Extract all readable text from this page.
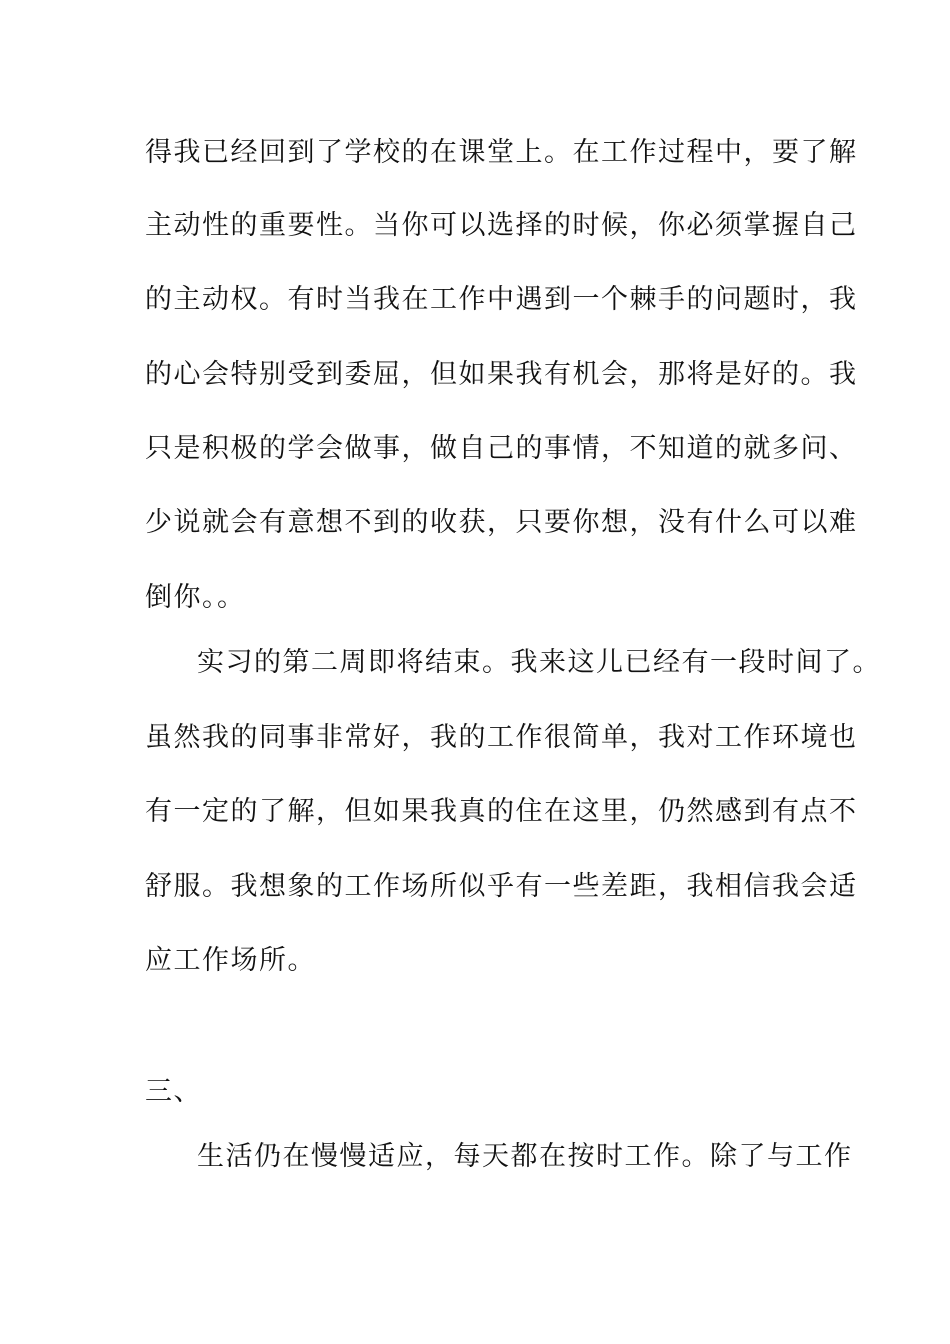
得我已经回到了学校的在课堂上。在工作过程中，要了解
主动性的重要性。当你可以选择的时候，你必须掌握自己
的主动权。有时当我在工作中遇到一个棘手的问题时，我
的心会特别受到委屈，但如果我有机会，那将是好的。我
只是积极的学会做事，做自己的事情，不知道的就多问、
少说就会有意想不到的收获，只要你想，没有什么可以难
倒你。。
实习的第二周即将结束。我来这儿已经有一段时间了。
虽然我的同事非常好，我的工作很简单，我对工作环境也
有一定的了解，但如果我真的住在这里，仍然感到有点不
舒服。我想象的工作场所似乎有一些差距，我相信我会适
应工作场所。
三、
生活仍在慢慢适应，每天都在按时工作。除了与工作
